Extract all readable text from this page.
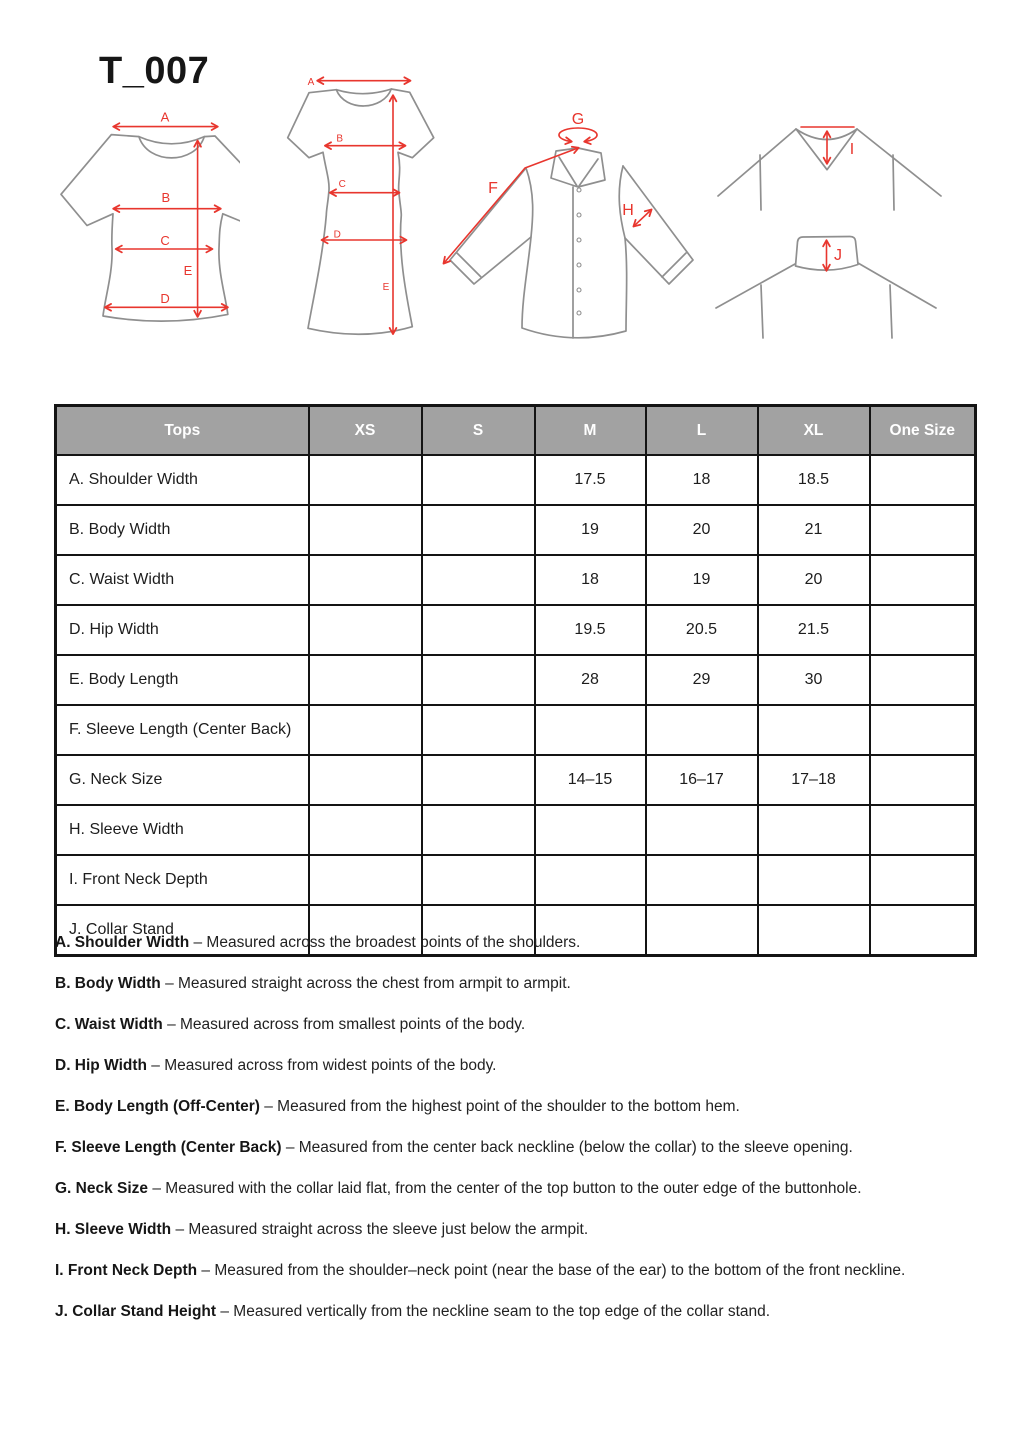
T_007
A
B
C
D
E
A
B
C
D
E
G
F
H
I
J
Tops	XS	S	M	L	XL	One Size
A. Shoulder Width			17.5	18	18.5	
B. Body Width			19	20	21	
C. Waist Width			18	19	20	
D. Hip Width			19.5	20.5	21.5	
E. Body Length			28	29	30	
F. Sleeve Length (Center Back)						
G. Neck Size			14–15	16–17	17–18	
H. Sleeve Width						
I. Front Neck Depth						
J. Collar Stand						

A. Shoulder Width – Measured across the broadest points of the shoulders.

B. Body Width – Measured straight across the chest from armpit to armpit.

C. Waist Width – Measured across from smallest points of the body.

D. Hip Width – Measured across from widest points of the body.

E. Body Length (Off-Center) – Measured from the highest point of the shoulder to the bottom hem.

F. Sleeve Length (Center Back) – Measured from the center back neckline (below the collar) to the sleeve opening.

G. Neck Size – Measured with the collar laid flat, from the center of the top button to the outer edge of the buttonhole.

H. Sleeve Width – Measured straight across the sleeve just below the armpit.

I. Front Neck Depth – Measured from the shoulder–neck point (near the base of the ear) to the bottom of the front neckline.

J. Collar Stand Height – Measured vertically from the neckline seam to the top edge of the collar stand.
